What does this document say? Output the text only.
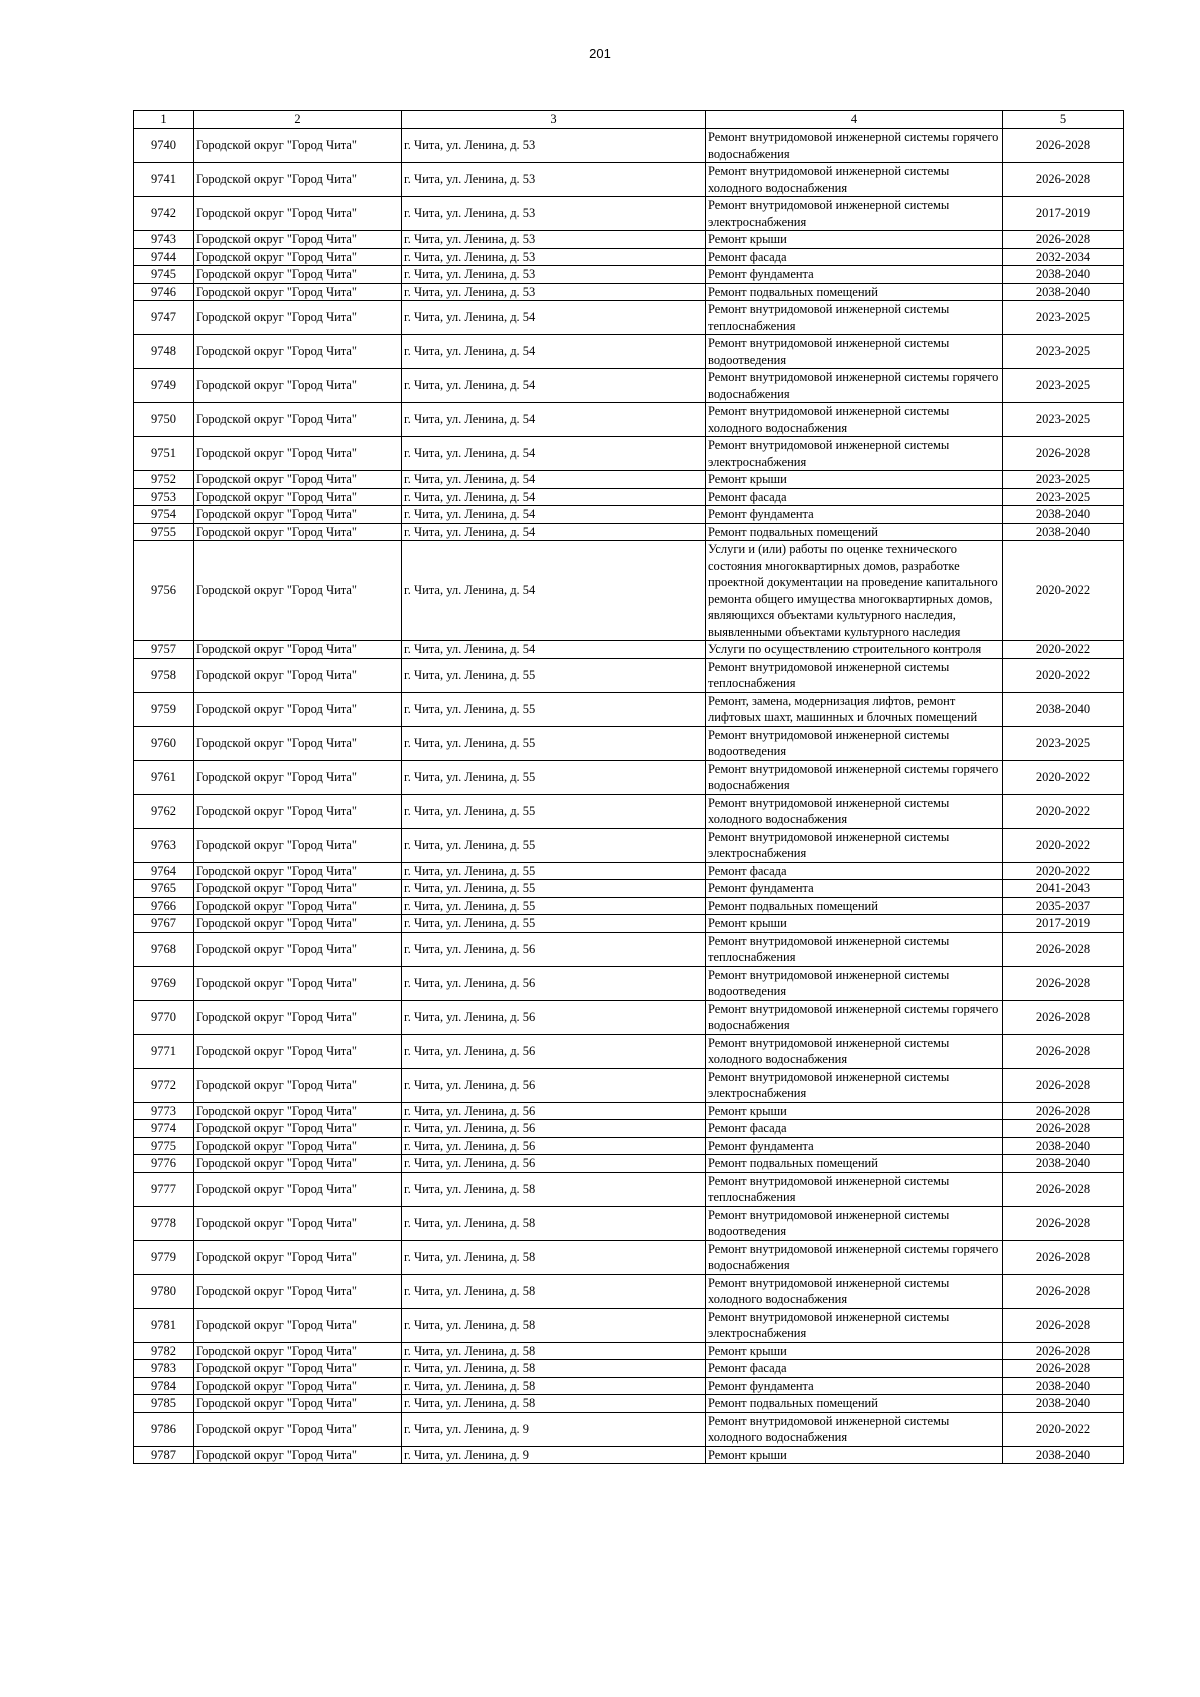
201
1	2	3	4	5
9740	Городской округ "Город Чита"	г. Чита, ул. Ленина, д. 53	Ремонт внутридомовой инженерной системы горячего водоснабжения	2026-2028
9741	Городской округ "Город Чита"	г. Чита, ул. Ленина, д. 53	Ремонт внутридомовой инженерной системы холодного водоснабжения	2026-2028
9742	Городской округ "Город Чита"	г. Чита, ул. Ленина, д. 53	Ремонт внутридомовой инженерной системы электроснабжения	2017-2019
9743	Городской округ "Город Чита"	г. Чита, ул. Ленина, д. 53	Ремонт крыши	2026-2028
9744	Городской округ "Город Чита"	г. Чита, ул. Ленина, д. 53	Ремонт фасада	2032-2034
9745	Городской округ "Город Чита"	г. Чита, ул. Ленина, д. 53	Ремонт фундамента	2038-2040
9746	Городской округ "Город Чита"	г. Чита, ул. Ленина, д. 53	Ремонт подвальных помещений	2038-2040
9747	Городской округ "Город Чита"	г. Чита, ул. Ленина, д. 54	Ремонт внутридомовой инженерной системы теплоснабжения	2023-2025
9748	Городской округ "Город Чита"	г. Чита, ул. Ленина, д. 54	Ремонт внутридомовой инженерной системы водоотведения	2023-2025
9749	Городской округ "Город Чита"	г. Чита, ул. Ленина, д. 54	Ремонт внутридомовой инженерной системы горячего водоснабжения	2023-2025
9750	Городской округ "Город Чита"	г. Чита, ул. Ленина, д. 54	Ремонт внутридомовой инженерной системы холодного водоснабжения	2023-2025
9751	Городской округ "Город Чита"	г. Чита, ул. Ленина, д. 54	Ремонт внутридомовой инженерной системы электроснабжения	2026-2028
9752	Городской округ "Город Чита"	г. Чита, ул. Ленина, д. 54	Ремонт крыши	2023-2025
9753	Городской округ "Город Чита"	г. Чита, ул. Ленина, д. 54	Ремонт фасада	2023-2025
9754	Городской округ "Город Чита"	г. Чита, ул. Ленина, д. 54	Ремонт фундамента	2038-2040
9755	Городской округ "Город Чита"	г. Чита, ул. Ленина, д. 54	Ремонт подвальных помещений	2038-2040
9756	Городской округ "Город Чита"	г. Чита, ул. Ленина, д. 54	Услуги и (или) работы по оценке технического состояния многоквартирных домов, разработке проектной документации на проведение капитального ремонта общего имущества многоквартирных домов, являющихся объектами культурного наследия, выявленными объектами культурного наследия	2020-2022
9757	Городской округ "Город Чита"	г. Чита, ул. Ленина, д. 54	Услуги по осуществлению строительного контроля	2020-2022
9758	Городской округ "Город Чита"	г. Чита, ул. Ленина, д. 55	Ремонт внутридомовой инженерной системы теплоснабжения	2020-2022
9759	Городской округ "Город Чита"	г. Чита, ул. Ленина, д. 55	Ремонт, замена, модернизация лифтов, ремонт лифтовых шахт, машинных и блочных помещений	2038-2040
9760	Городской округ "Город Чита"	г. Чита, ул. Ленина, д. 55	Ремонт внутридомовой инженерной системы водоотведения	2023-2025
9761	Городской округ "Город Чита"	г. Чита, ул. Ленина, д. 55	Ремонт внутридомовой инженерной системы горячего водоснабжения	2020-2022
9762	Городской округ "Город Чита"	г. Чита, ул. Ленина, д. 55	Ремонт внутридомовой инженерной системы холодного водоснабжения	2020-2022
9763	Городской округ "Город Чита"	г. Чита, ул. Ленина, д. 55	Ремонт внутридомовой инженерной системы электроснабжения	2020-2022
9764	Городской округ "Город Чита"	г. Чита, ул. Ленина, д. 55	Ремонт фасада	2020-2022
9765	Городской округ "Город Чита"	г. Чита, ул. Ленина, д. 55	Ремонт фундамента	2041-2043
9766	Городской округ "Город Чита"	г. Чита, ул. Ленина, д. 55	Ремонт подвальных помещений	2035-2037
9767	Городской округ "Город Чита"	г. Чита, ул. Ленина, д. 55	Ремонт крыши	2017-2019
9768	Городской округ "Город Чита"	г. Чита, ул. Ленина, д. 56	Ремонт внутридомовой инженерной системы теплоснабжения	2026-2028
9769	Городской округ "Город Чита"	г. Чита, ул. Ленина, д. 56	Ремонт внутридомовой инженерной системы водоотведения	2026-2028
9770	Городской округ "Город Чита"	г. Чита, ул. Ленина, д. 56	Ремонт внутридомовой инженерной системы горячего водоснабжения	2026-2028
9771	Городской округ "Город Чита"	г. Чита, ул. Ленина, д. 56	Ремонт внутридомовой инженерной системы холодного водоснабжения	2026-2028
9772	Городской округ "Город Чита"	г. Чита, ул. Ленина, д. 56	Ремонт внутридомовой инженерной системы электроснабжения	2026-2028
9773	Городской округ "Город Чита"	г. Чита, ул. Ленина, д. 56	Ремонт крыши	2026-2028
9774	Городской округ "Город Чита"	г. Чита, ул. Ленина, д. 56	Ремонт фасада	2026-2028
9775	Городской округ "Город Чита"	г. Чита, ул. Ленина, д. 56	Ремонт фундамента	2038-2040
9776	Городской округ "Город Чита"	г. Чита, ул. Ленина, д. 56	Ремонт подвальных помещений	2038-2040
9777	Городской округ "Город Чита"	г. Чита, ул. Ленина, д. 58	Ремонт внутридомовой инженерной системы теплоснабжения	2026-2028
9778	Городской округ "Город Чита"	г. Чита, ул. Ленина, д. 58	Ремонт внутридомовой инженерной системы водоотведения	2026-2028
9779	Городской округ "Город Чита"	г. Чита, ул. Ленина, д. 58	Ремонт внутридомовой инженерной системы горячего водоснабжения	2026-2028
9780	Городской округ "Город Чита"	г. Чита, ул. Ленина, д. 58	Ремонт внутридомовой инженерной системы холодного водоснабжения	2026-2028
9781	Городской округ "Город Чита"	г. Чита, ул. Ленина, д. 58	Ремонт внутридомовой инженерной системы электроснабжения	2026-2028
9782	Городской округ "Город Чита"	г. Чита, ул. Ленина, д. 58	Ремонт крыши	2026-2028
9783	Городской округ "Город Чита"	г. Чита, ул. Ленина, д. 58	Ремонт фасада	2026-2028
9784	Городской округ "Город Чита"	г. Чита, ул. Ленина, д. 58	Ремонт фундамента	2038-2040
9785	Городской округ "Город Чита"	г. Чита, ул. Ленина, д. 58	Ремонт подвальных помещений	2038-2040
9786	Городской округ "Город Чита"	г. Чита, ул. Ленина, д. 9	Ремонт внутридомовой инженерной системы холодного водоснабжения	2020-2022
9787	Городской округ "Город Чита"	г. Чита, ул. Ленина, д. 9	Ремонт крыши	2038-2040
